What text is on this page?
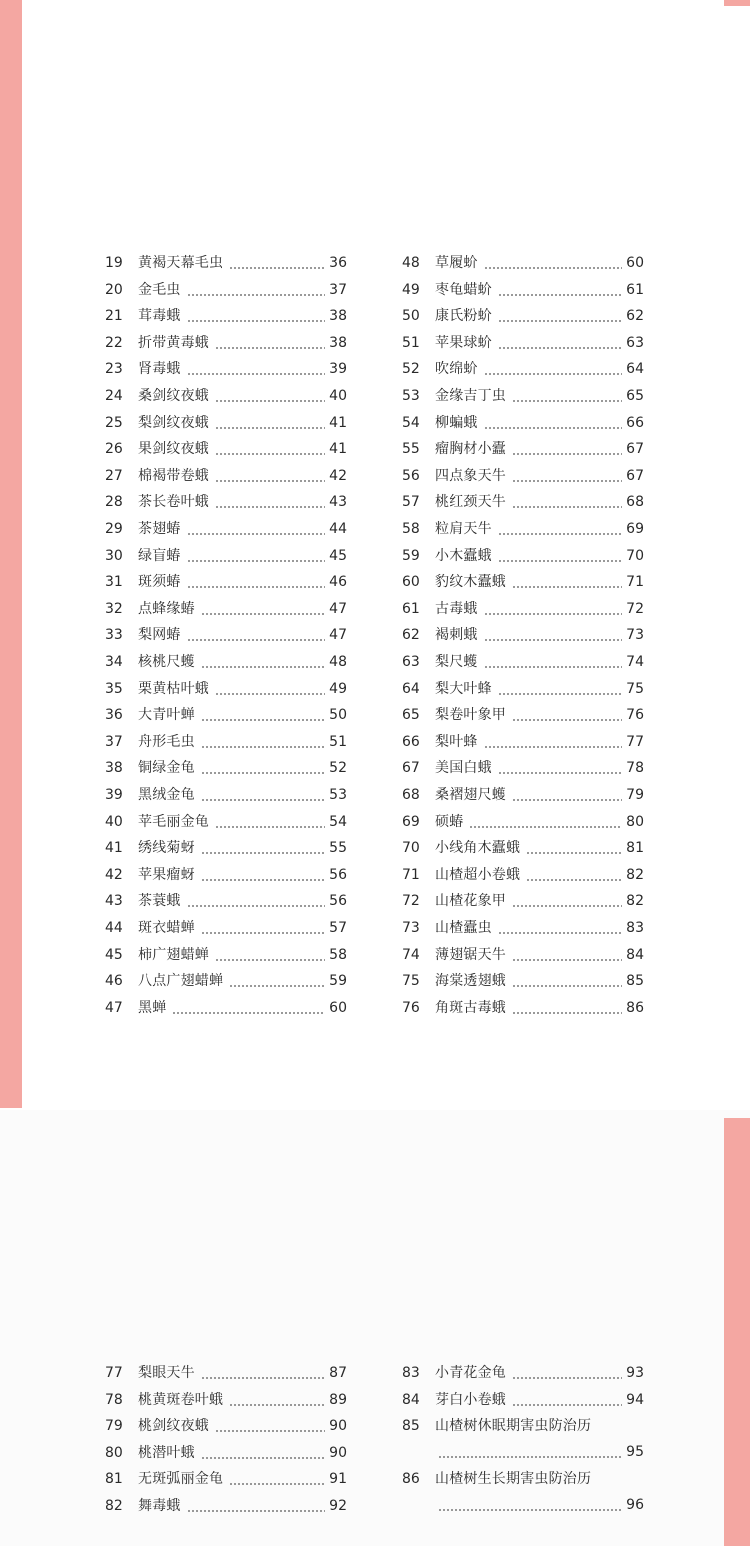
19 黄褐天幕毛虫	36
20 金毛虫	37
21 茸毒蛾	38
22 折带黄毒蛾	38
23 肾毒蛾	39
24 桑剑纹夜蛾	40
25 梨剑纹夜蛾	41
26 果剑纹夜蛾	41
27 棉褐带卷蛾	42
28 茶长卷叶蛾	43
29 茶翅蝽	44
30 绿盲蝽	45
31 斑须蝽	46
32 点蜂缘蝽	47
33 梨网蝽	47
34 核桃尺蠖	48
35 栗黄枯叶蛾	49
36 大青叶蝉	50
37 舟形毛虫	51
38 铜绿金龟	52
39 黑绒金龟	53
40 苹毛丽金龟	54
41 绣线菊蚜	55
42 苹果瘤蚜	56
43 茶蓑蛾	56
44 斑衣蜡蝉	57
45 柿广翅蜡蝉	58
46 八点广翅蜡蝉	59
47 黑蝉	60
48 草履蚧	60
49 枣龟蜡蚧	61
50 康氏粉蚧	62
51 苹果球蚧	63
52 吹绵蚧	64
53 金缘吉丁虫	65
54 柳蝙蛾	66
55 瘤胸材小蠹	67
56 四点象天牛	67
57 桃红颈天牛	68
58 粒肩天牛	69
59 小木蠹蛾	70
60 豹纹木蠹蛾	71
61 古毒蛾	72
62 褐刺蛾	73
63 梨尺蠖	74
64 梨大叶蜂	75
65 梨卷叶象甲	76
66 梨叶蜂	77
67 美国白蛾	78
68 桑褶翅尺蠖	79
69 硕蝽	80
70 小线角木蠹蛾	81
71 山楂超小卷蛾	82
72 山楂花象甲	82
73 山楂蠹虫	83
74 薄翅锯天牛	84
75 海棠透翅蛾	85
76 角斑古毒蛾	86
77 梨眼天牛	87
78 桃黄斑卷叶蛾	89
79 桃剑纹夜蛾	90
80 桃潜叶蛾	90
81 无斑弧丽金龟	91
82 舞毒蛾	92
83 小青花金龟	93
84 芽白小卷蛾	94
85 山楂树休眠期害虫防治历
95
86 山楂树生长期害虫防治历
96
